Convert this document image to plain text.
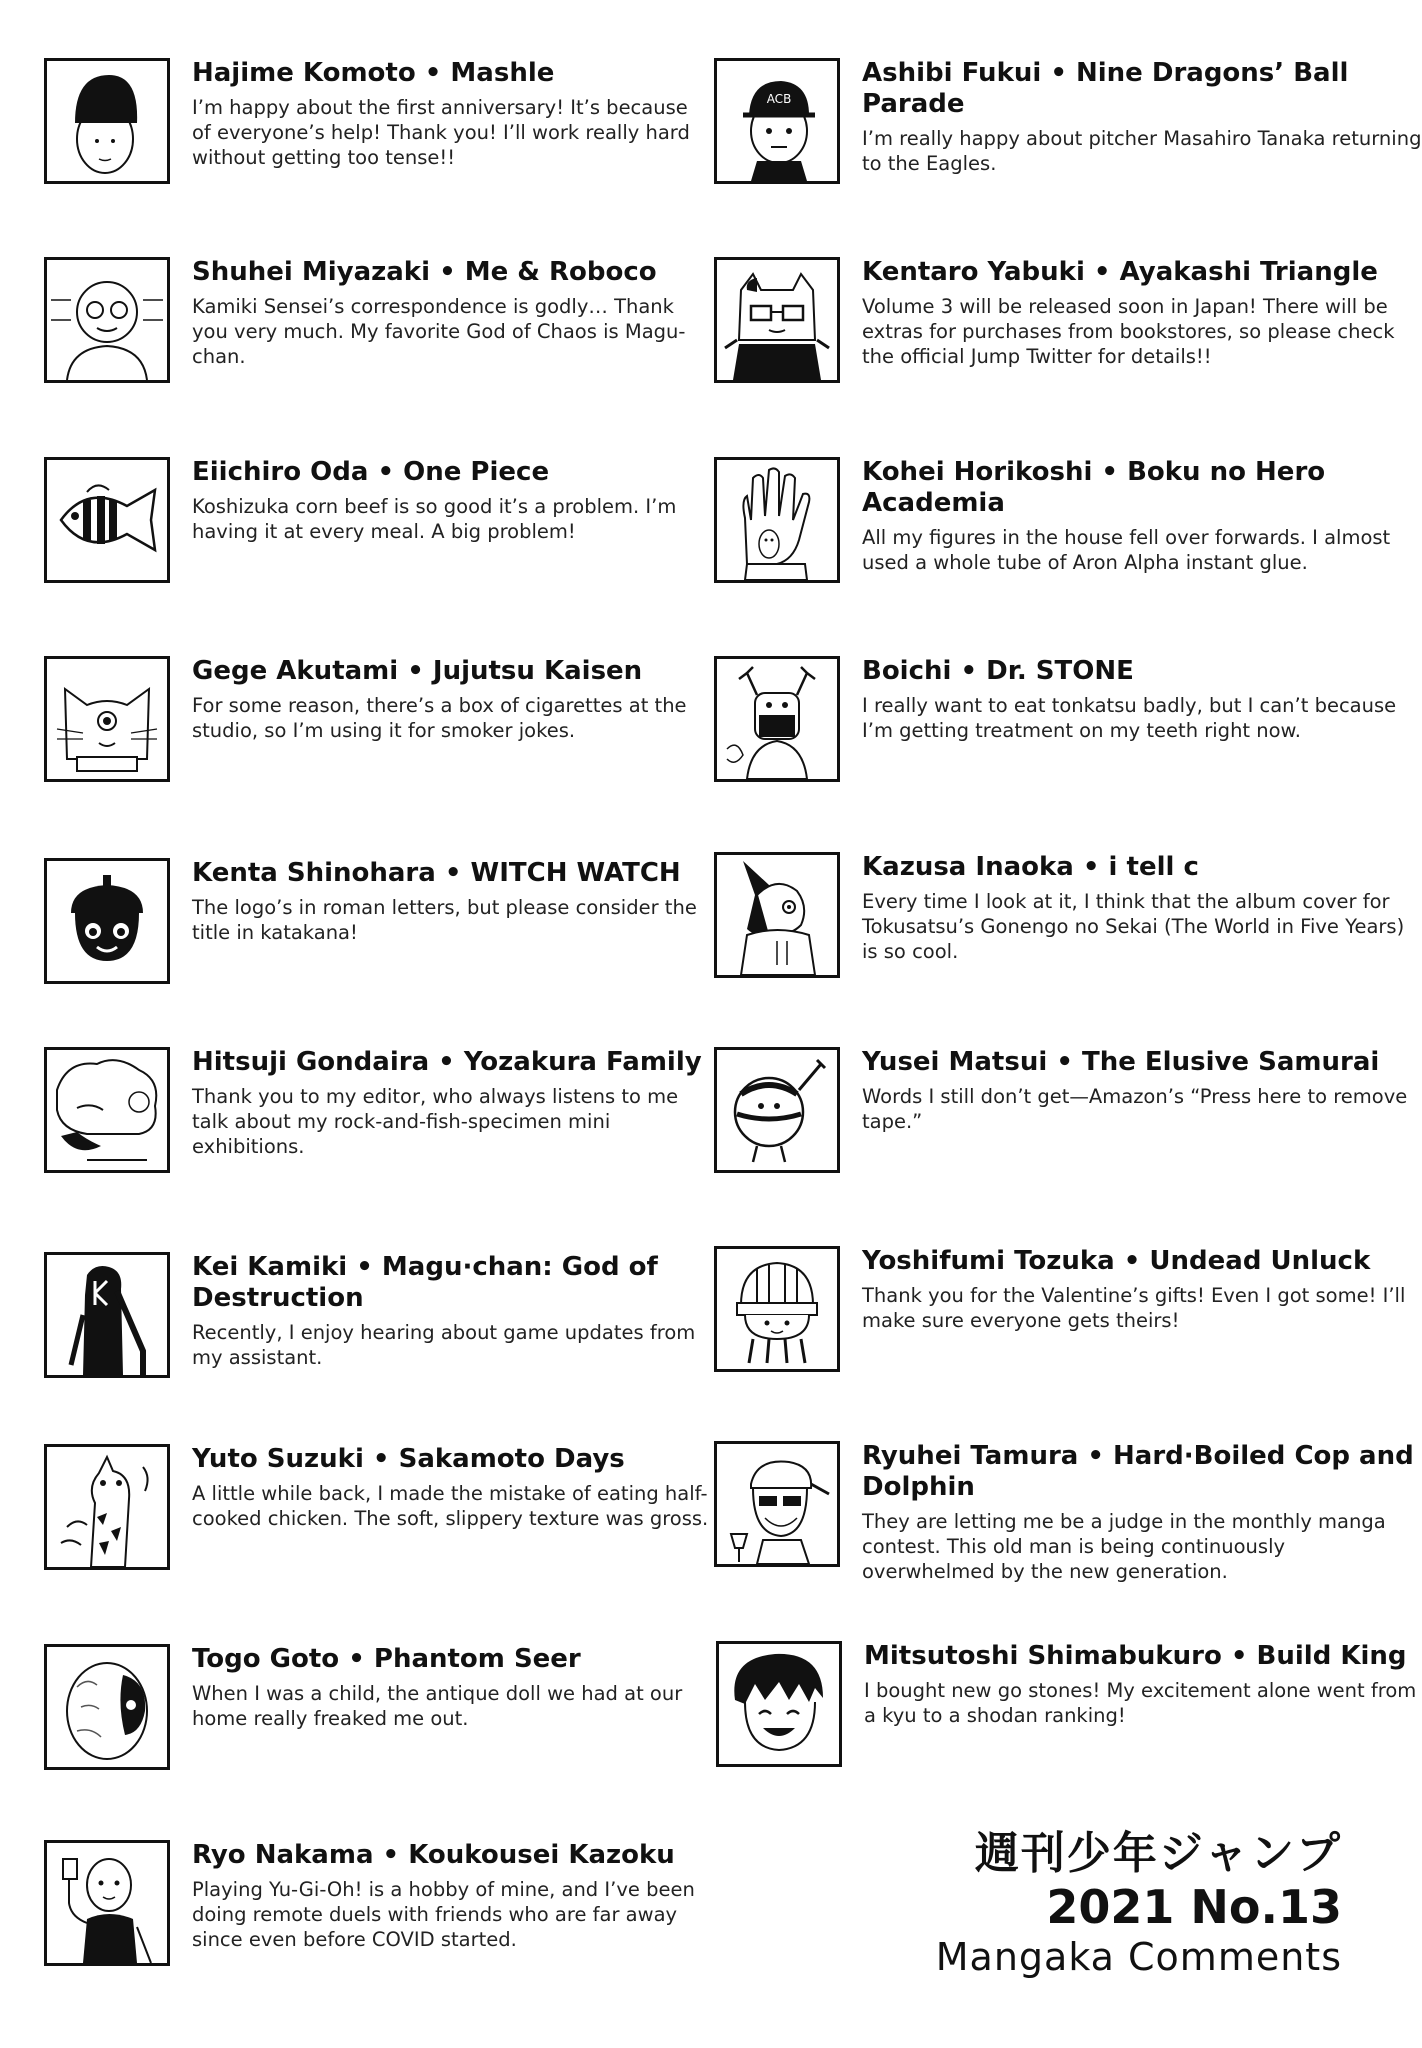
Hajime Komoto • Mashle

I’m happy about the first anniversary! It’s because of everyone’s help! Thank you! I’ll work really hard without getting too tense!!

Shuhei Miyazaki • Me & Roboco

Kamiki Sensei’s correspondence is godly… Thank you very much. My favorite God of Chaos is Magu-chan.

Eiichiro Oda • One Piece

Koshizuka corn beef is so good it’s a problem. I’m having it at every meal. A big problem!

Gege Akutami • Jujutsu Kaisen

For some reason, there’s a box of cigarettes at the studio, so I’m using it for smoker jokes.

Kenta Shinohara • WITCH WATCH

The logo’s in roman letters, but please consider the title in katakana!

Hitsuji Gondaira • Yozakura Family

Thank you to my editor, who always listens to me talk about my rock-and-fish-specimen mini exhibitions.

Kei Kamiki • Magu·chan: God of Destruction

Recently, I enjoy hearing about game updates from my assistant.

Yuto Suzuki • Sakamoto Days

A little while back, I made the mistake of eating half-cooked chicken. The soft, slippery texture was gross.

Togo Goto • Phantom Seer

When I was a child, the antique doll we had at our home really freaked me out.

Ryo Nakama • Koukousei Kazoku

Playing Yu-Gi-Oh! is a hobby of mine, and I’ve been doing remote duels with friends who are far away since even before COVID started.

ACB

Ashibi Fukui • Nine Dragons’ Ball Parade

I’m really happy about pitcher Masahiro Tanaka returning to the Eagles.

Kentaro Yabuki • Ayakashi Triangle

Volume 3 will be released soon in Japan! There will be extras for purchases from bookstores, so please check the official Jump Twitter for details!!

Kohei Horikoshi • Boku no Hero Academia

All my figures in the house fell over forwards. I almost used a whole tube of Aron Alpha instant glue.

Boichi • Dr. STONE

I really want to eat tonkatsu badly, but I can’t because I’m getting treatment on my teeth right now.

Kazusa Inaoka • i tell c

Every time I look at it, I think that the album cover for Tokusatsu’s Gonengo no Sekai (The World in Five Years) is so cool.

Yusei Matsui • The Elusive Samurai

Words I still don’t get—Amazon’s “Press here to remove tape.”

Yoshifumi Tozuka • Undead Unluck

Thank you for the Valentine’s gifts! Even I got some! I’ll make sure everyone gets theirs!

Ryuhei Tamura • Hard·Boiled Cop and Dolphin

They are letting me be a judge in the monthly manga contest. This old man is being continuously overwhelmed by the new generation.

Mitsutoshi Shimabukuro • Build King

I bought new go stones! My excitement alone went from a kyu to a shodan ranking!

週刊少年ジャンプ
2021 No.13
Mangaka Comments
